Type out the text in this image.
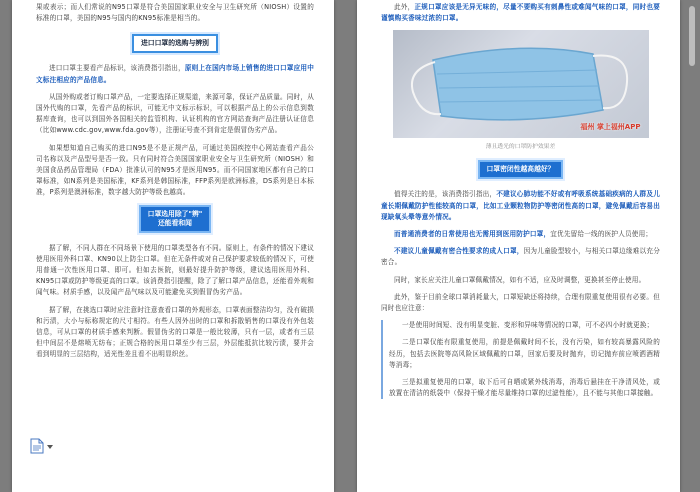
果或表示；而人们常说的N95口罩是符合美国国家职业安全与卫生研究所（NIOSH）设置的标准的口罩，美国的N95与国内的KN95标准是相当的。

进口口罩的选购与辨别

进口口罩主要看产品标识，该消费指引指出，原则上在国内市场上销售的进口口罩应用中文标注相应的产品信息。

从国外购或者订购口罩产品，一定要选择正规渠道，来源可靠，保证产品质量。同时，从国外代购的口罩，先看产品的标识，可能无中文标示标识，可以根据产品上的公示信息到数据库查询，也可以到国外各国相关的监管机构、认证机构的官方网站查询产品注册认证信息（比如www.cdc.gov,www.fda.gov等），注册证号查不到肯定是假冒伪劣产品。

如果想知道自己购买的进口N95是不是正规产品，可通过美国疾控中心网站查看产品公司名称以及产品型号是否一致。只有同时符合美国国家职业安全与卫生研究所（NIOSH）和美国食品药品管理局（FDA）批准认可的N95才是医用N95。而不同国家地区都有自己的口罩标准，如N系列是美国标准，KF系列是韩国标准，FFP系列是欧洲标准，DS系列是日本标准，P系列是澳洲标准，数字越大防护等级也越高。

口罩选用除了"辨"
还能看和闻

据了解，不同人群在不同场景下使用的口罩类型各有不同。原则上，有条件的情况下建议使用医用外科口罩、KN90以上防尘口罩。但在无条件或对自己保护要求较低的情况下，可使用普通一次性医用口罩、即可。但如去医院，则最好提升防护等级，建议选用医用外科、KN95口罩或防护等级更高的口罩。该消费指引提醒，除了了解口罩产品信息，还能看外观和闻气味。材质手感，以及闻产品气味以及可能避免买到假冒伪劣产品。

据了解，在挑选口罩时应注意时注意查看口罩的外观形态，口罩表面整洁均匀，没有破损和污渍，大小与标称规定的尺寸相符。有些人因外出时的口罩和拆散销售的口罩没有外包装信息，可从口罩的材质手感来判断。假冒伪劣的口罩是一般比较薄，只有一层，或者有三层但中间层不是熔喷无纺布；正规合格的医用口罩至少有三层，外层能抵抗比较污渍，要并会看到明显的三层结构，适光性差且看不出明显织丝。

此外，正规口罩应该是无异无味的，尽量不要购买有刺鼻性或难闻气味的口罩，同时也要谨慎购买香味过浓的口罩。

福州 掌上福州APP
薄且透光的口罩防护效果差
口罩密闭性越高越好？

值得关注的是，该消费指引指出，不建议心肺功能不好或有呼吸系统基础疾病的人群及儿童长期佩戴防护性能较高的口罩，比如工业颗粒物防护等密闭性高的口罩，避免佩戴后容易出现缺氧头晕等意外情况。

而普通消费者的日常使用也无需用到医用防护口罩，宜优先留给一线的医护人员使用；

不建议儿童佩戴有密合性要求的成人口罩，因为儿童脸型较小，与相关口罩边缘难以充分密合。

同时，家长应关注儿童口罩佩戴情况，如有不适，应及时调整，更换甚至停止使用。

此外，鉴于目前全球口罩消耗量大，口罩短缺还将持续，合理有限重复使用很有必要。但同时也应注意：

一是使用时间短、没有明显变脏、变形和异味等情况的口罩，可不必四小时就更换；

二是口罩仅能有限重复使用，前提是佩戴时间不长，没有污染，如有较高暴露风险的经历，包括去医院等高风险区域佩戴的口罩，回家后要及时抛弃，切记抛弃前应喷洒酒精等消毒；

三是拟重复使用的口罩，取下后可自晒或紧外线消毒，消毒后悬挂在干净清风处，或放置在清洁的纸袋中（保持干燥才能尽量维持口罩的过滤性能），且不能与其他口罩接触。
